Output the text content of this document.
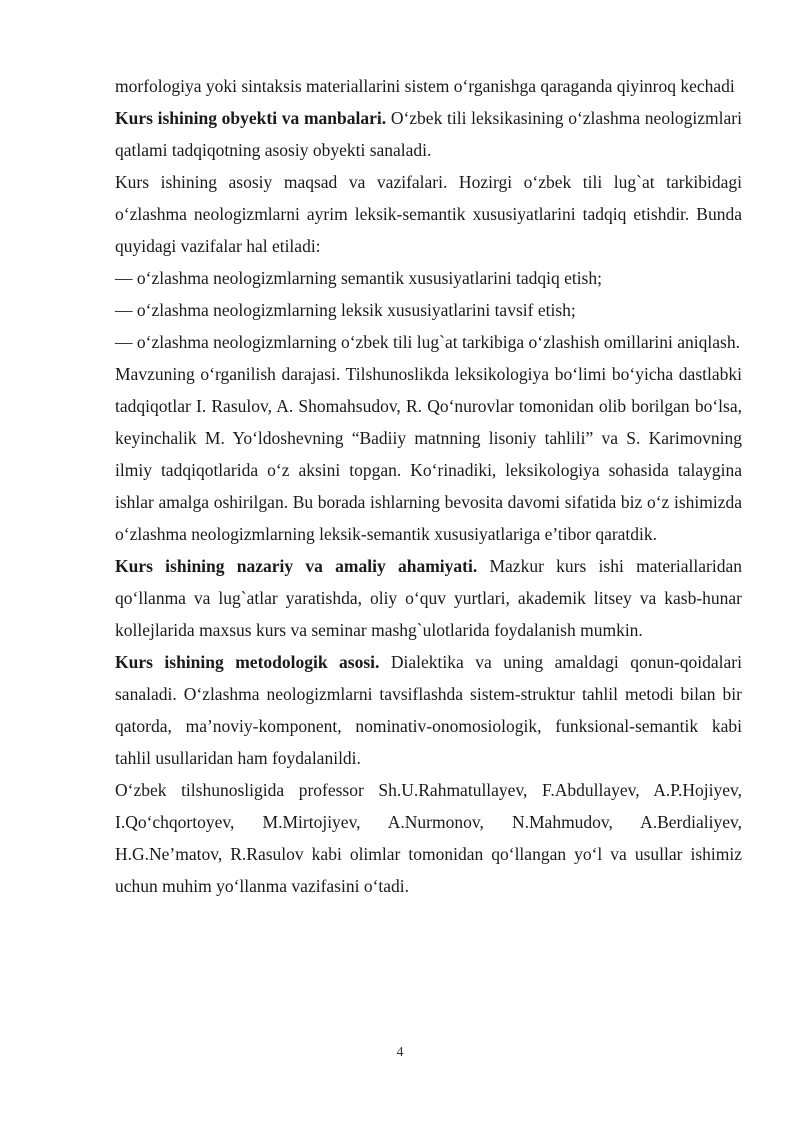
morfologiya yoki sintaksis materiallarini sistem o‘rganishga qaraganda qiyinroq kechadi

Kurs ishining obyekti va manbalari. O‘zbek tili leksikasining o‘zlashma neologizmlari qatlami tadqiqotning asosiy obyekti sanaladi.

Kurs ishining asosiy maqsad va vazifalari. Hozirgi o‘zbek tili lug`at tarkibidagi o‘zlashma neologizmlarni ayrim leksik-semantik xususiyatlarini tadqiq etishdir. Bunda quyidagi vazifalar hal etiladi:

— o‘zlashma neologizmlarning semantik xususiyatlarini tadqiq etish;

— o‘zlashma neologizmlarning leksik xususiyatlarini tavsif etish;

— o‘zlashma neologizmlarning o‘zbek tili lug`at tarkibiga o‘zlashish omillarini aniqlash.

Mavzuning o‘rganilish darajasi. Tilshunoslikda leksikologiya bo‘limi bo‘yicha dastlabki tadqiqotlar I. Rasulov, A. Shomahsudov, R. Qo‘nurovlar tomonidan olib borilgan bo‘lsa, keyinchalik M. Yo‘ldoshevning “Badiiy matnning lisoniy tahlili” va S. Karimovning ilmiy tadqiqotlarida o‘z aksini topgan. Ko‘rinadiki, leksikologiya sohasida talaygina ishlar amalga oshirilgan. Bu borada ishlarning bevosita davomi sifatida biz o‘z ishimizda o‘zlashma neologizmlarning leksik-semantik xususiyatlariga e’tibor qaratdik.

Kurs ishining nazariy va amaliy ahamiyati. Mazkur kurs ishi materiallaridan qo‘llanma va lug`atlar yaratishda, oliy o‘quv yurtlari, akademik litsey va kasb-hunar kollejlarida maxsus kurs va seminar mashg`ulotlarida foydalanish mumkin.

Kurs ishining metodologik asosi. Dialektika va uning amaldagi qonun-qoidalari sanaladi. O‘zlashma neologizmlarni tavsiflashda sistem-struktur tahlil metodi bilan bir qatorda, ma’noviy-komponent, nominativ-onomosiologik, funksional-semantik kabi tahlil usullaridan ham foydalanildi.

O‘zbek tilshunosligida professor Sh.U.Rahmatullayev, F.Abdullayev, A.P.Hojiyev, I.Qo‘chqortoyev, M.Mirtojiyev, A.Nurmonov, N.Mahmudov, A.Berdialiyev, H.G.Ne’matov, R.Rasulov kabi olimlar tomonidan qo‘llangan yo‘l va usullar ishimiz uchun muhim yo‘llanma vazifasini o‘tadi.

4
